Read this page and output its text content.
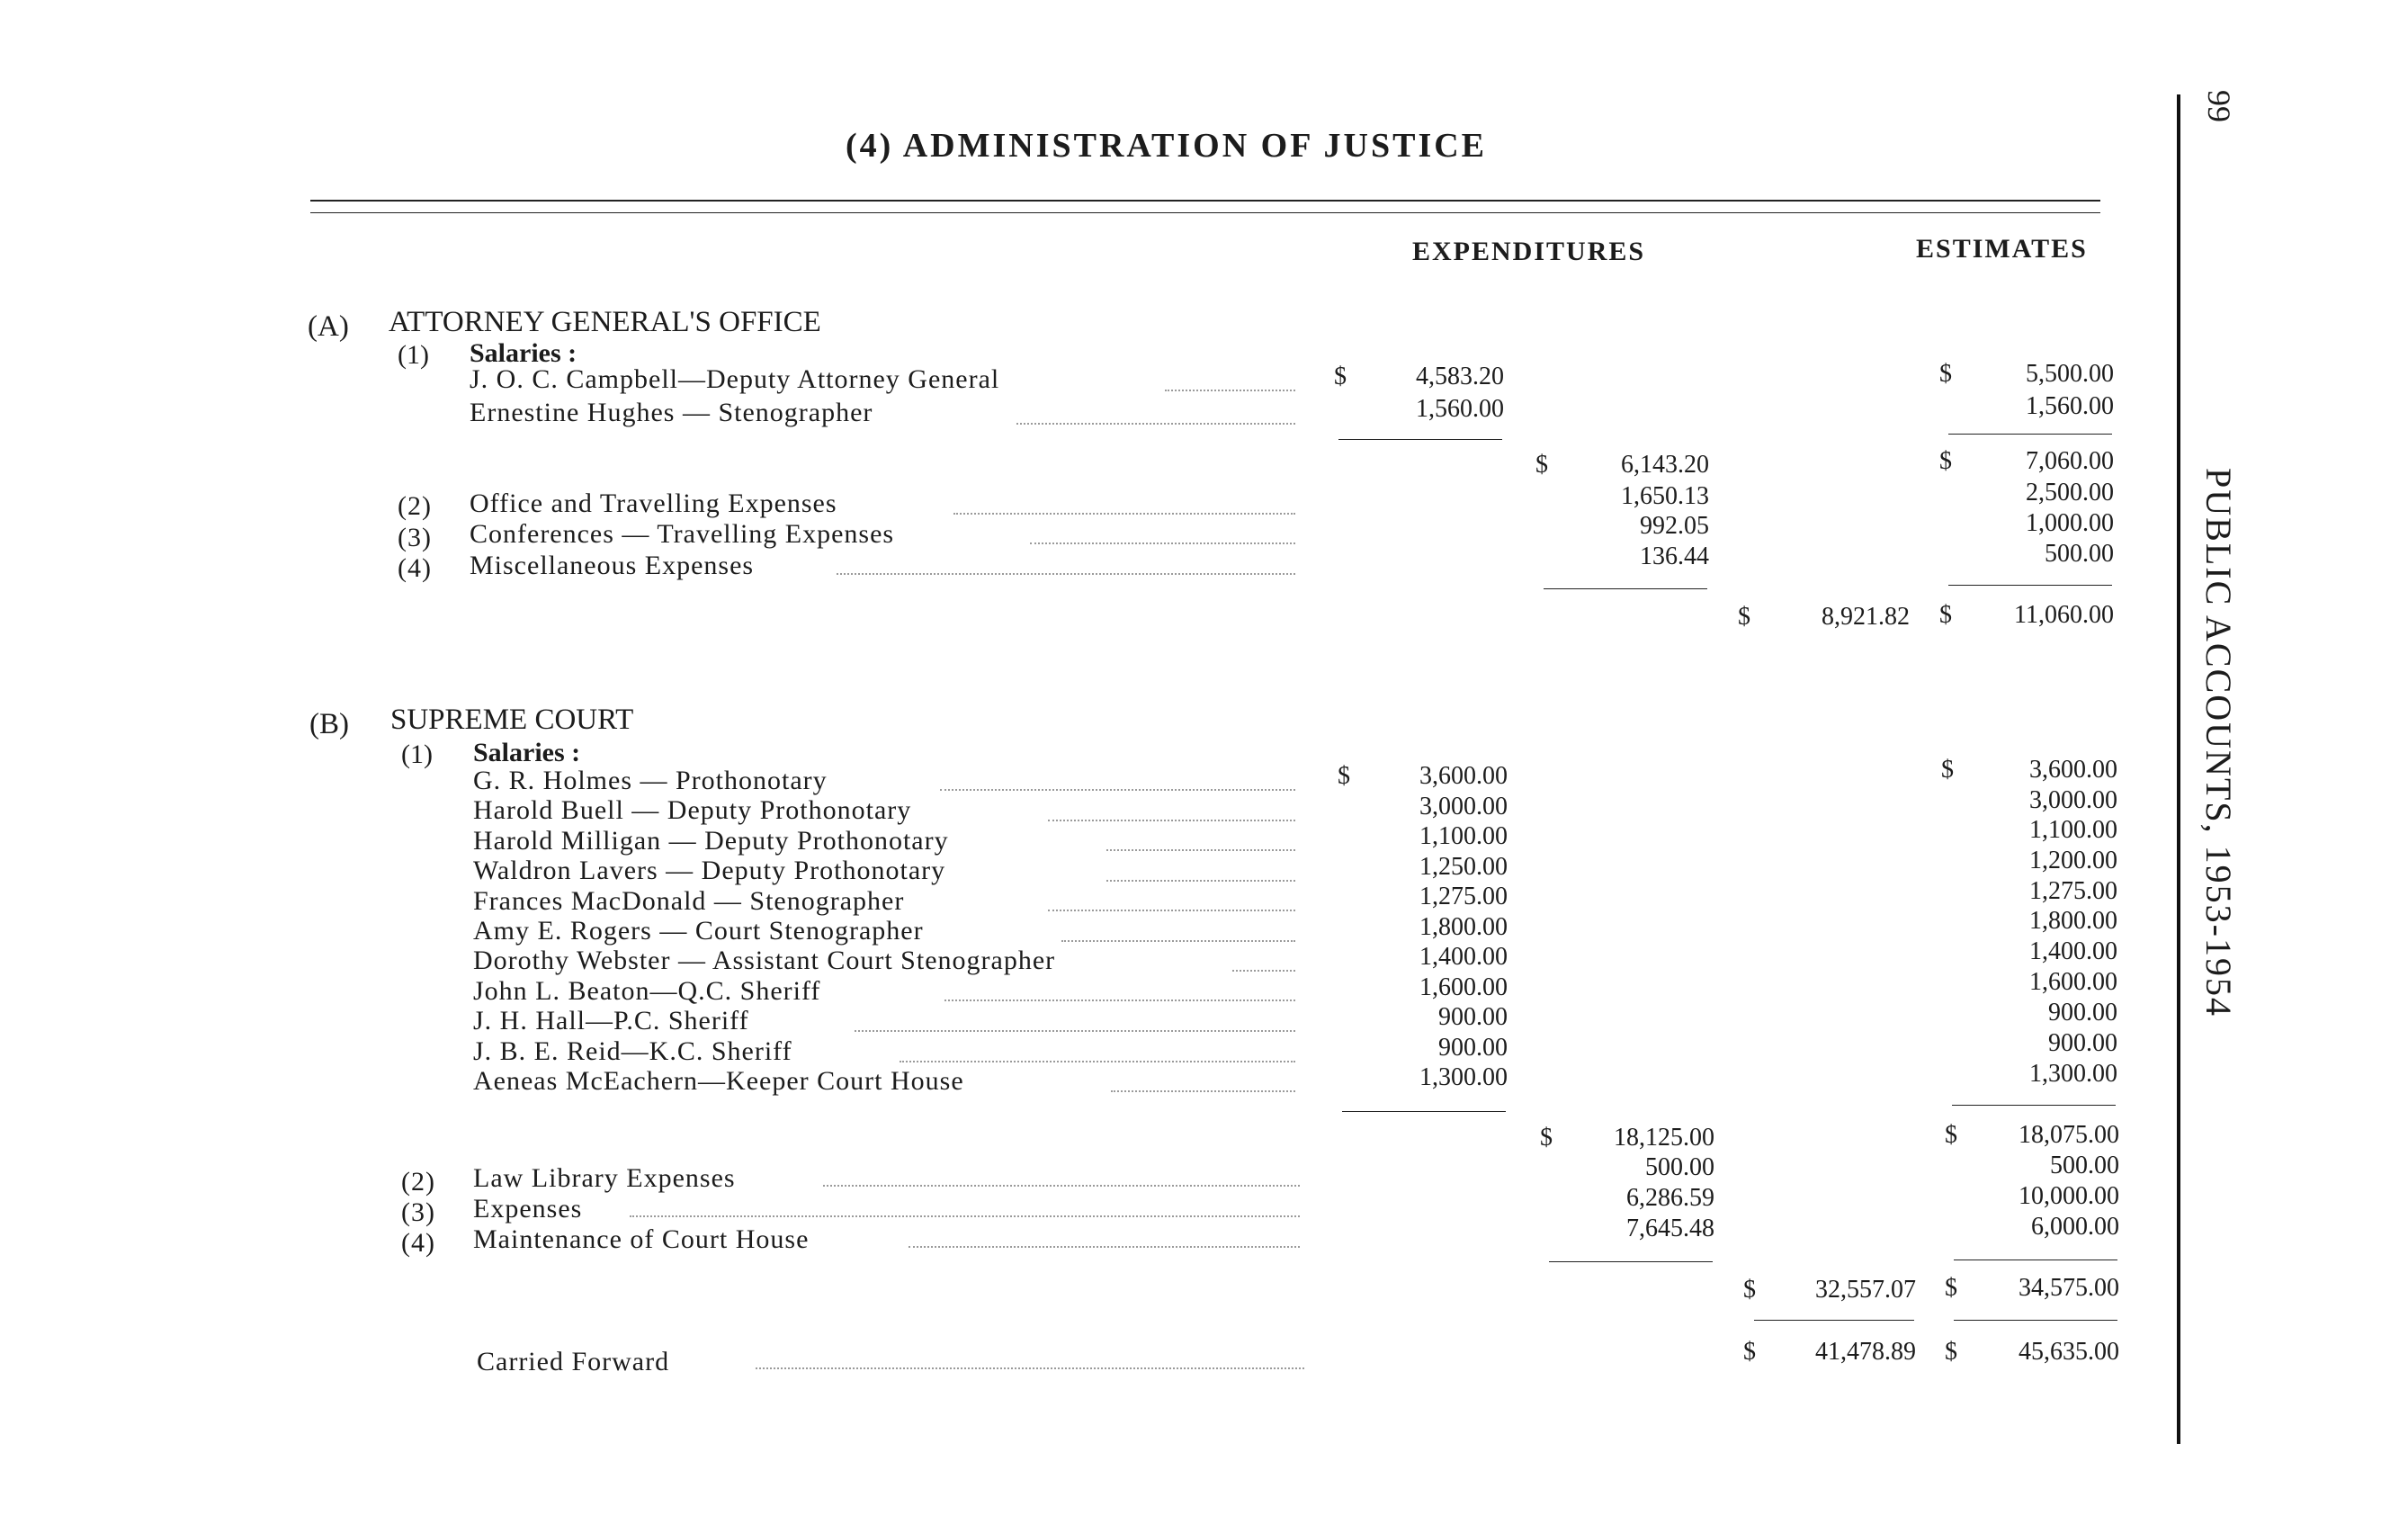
(4) ADMINISTRATION OF JUSTICE
EXPENDITURES	ESTIMATES
PUBLIC ACCOUNTS, 1953-1954
99
(A) ATTORNEY GENERAL'S OFFICE
(1) Salaries :
J. O. C. Campbell—Deputy Attorney General	$	4,583.20	$	5,500.00
Ernestine Hughes — Stenographer	1,560.00	1,560.00
$	6,143.20	$	7,060.00
(2) Office and Travelling Expenses	1,650.13	2,500.00
(3) Conferences — Travelling Expenses	992.05	1,000.00
(4) Miscellaneous Expenses	136.44	500.00
$	8,921.82 $	11,060.00
(B) SUPREME COURT
(1) Salaries :
$	$
G. R. Holmes — Prothonotary	3,600.00	3,600.00
Harold Buell — Deputy Prothonotary	3,000.00	3,000.00
Harold Milligan — Deputy Prothonotary	1,100.00	1,100.00
Waldron Lavers — Deputy Prothonotary	1,250.00	1,200.00
Frances MacDonald — Stenographer	1,275.00	1,275.00
Amy E. Rogers — Court Stenographer	1,800.00	1,800.00
Dorothy Webster — Assistant Court Stenographer	1,400.00	1,400.00
John L. Beaton—Q.C. Sheriff	1,600.00	1,600.00
J. H. Hall—P.C. Sheriff	900.00	900.00
J. B. E. Reid—K.C. Sheriff	900.00	900.00
Aeneas McEachern—Keeper Court House	1,300.00	1,300.00
$	18,125.00	$	18,075.00
(2) Law Library Expenses	500.00	500.00
(3) Expenses	6,286.59	10,000.00
(4) Maintenance of Court House	7,645.48	6,000.00
$	32,557.07 $	34,575.00
Carried Forward	$	41,478.89 $	45,635.00
